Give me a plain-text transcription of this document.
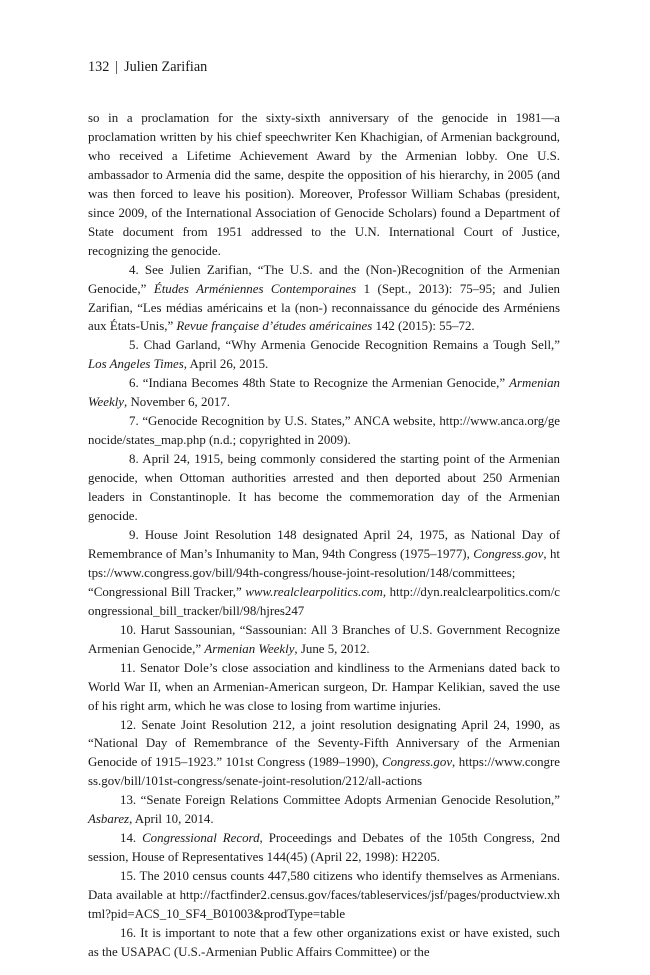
132 | Julien Zarifian

so in a proclamation for the sixty-sixth anniversary of the genocide in 1981—a proclamation written by his chief speechwriter Ken Khachigian, of Armenian background, who received a Lifetime Achievement Award by the Armenian lobby. One U.S. ambassador to Armenia did the same, despite the opposition of his hierarchy, in 2005 (and was then forced to leave his position). Moreover, Professor William Schabas (president, since 2009, of the International Association of Genocide Scholars) found a Department of State document from 1951 addressed to the U.N. International Court of Justice, recognizing the genocide.

4. See Julien Zarifian, “The U.S. and the (Non-)Recognition of the Armenian Genocide,” Études Arméniennes Contemporaines 1 (Sept., 2013): 75–95; and Julien Zarifian, “Les médias américains et la (non-) reconnaissance du génocide des Arméniens aux États-Unis,” Revue française d’études américaines 142 (2015): 55–72.

5. Chad Garland, “Why Armenia Genocide Recognition Remains a Tough Sell,” Los Angeles Times, April 26, 2015.

6. “Indiana Becomes 48th State to Recognize the Armenian Genocide,” Armenian Weekly, November 6, 2017.

7. “Genocide Recognition by U.S. States,” ANCA website, http://www.anca.org/genocide/states_map.php (n.d.; copyrighted in 2009).

8. April 24, 1915, being commonly considered the starting point of the Armenian genocide, when Ottoman authorities arrested and then deported about 250 Armenian leaders in Constantinople. It has become the commemoration day of the Armenian genocide.

9. House Joint Resolution 148 designated April 24, 1975, as National Day of Remembrance of Man’s Inhumanity to Man, 94th Congress (1975–1977), Congress.gov, https://www.congress.gov/bill/94th-congress/house-joint-resolution/148/committees; “Congressional Bill Tracker,” www.realclearpolitics.com, http://dyn.realclearpolitics.com/congressional_bill_tracker/bill/98/hjres247

10. Harut Sassounian, “Sassounian: All 3 Branches of U.S. Government Recognize Armenian Genocide,” Armenian Weekly, June 5, 2012.

11. Senator Dole’s close association and kindliness to the Armenians dated back to World War II, when an Armenian-American surgeon, Dr. Hampar Kelikian, saved the use of his right arm, which he was close to losing from wartime injuries.

12. Senate Joint Resolution 212, a joint resolution designating April 24, 1990, as “National Day of Remembrance of the Seventy-Fifth Anniversary of the Armenian Genocide of 1915–1923.” 101st Congress (1989–1990), Congress.gov, https://www.congress.gov/bill/101st-congress/senate-joint-resolution/212/all-actions

13. “Senate Foreign Relations Committee Adopts Armenian Genocide Resolution,” Asbarez, April 10, 2014.

14. Congressional Record, Proceedings and Debates of the 105th Congress, 2nd session, House of Representatives 144(45) (April 22, 1998): H2205.

15. The 2010 census counts 447,580 citizens who identify themselves as Armenians. Data available at http://factfinder2.census.gov/faces/tableservices/jsf/pages/productview.xhtml?pid=ACS_10_SF4_B01003&prodType=table

16. It is important to note that a few other organizations exist or have existed, such as the USAPAC (U.S.-Armenian Public Affairs Committee) or the
